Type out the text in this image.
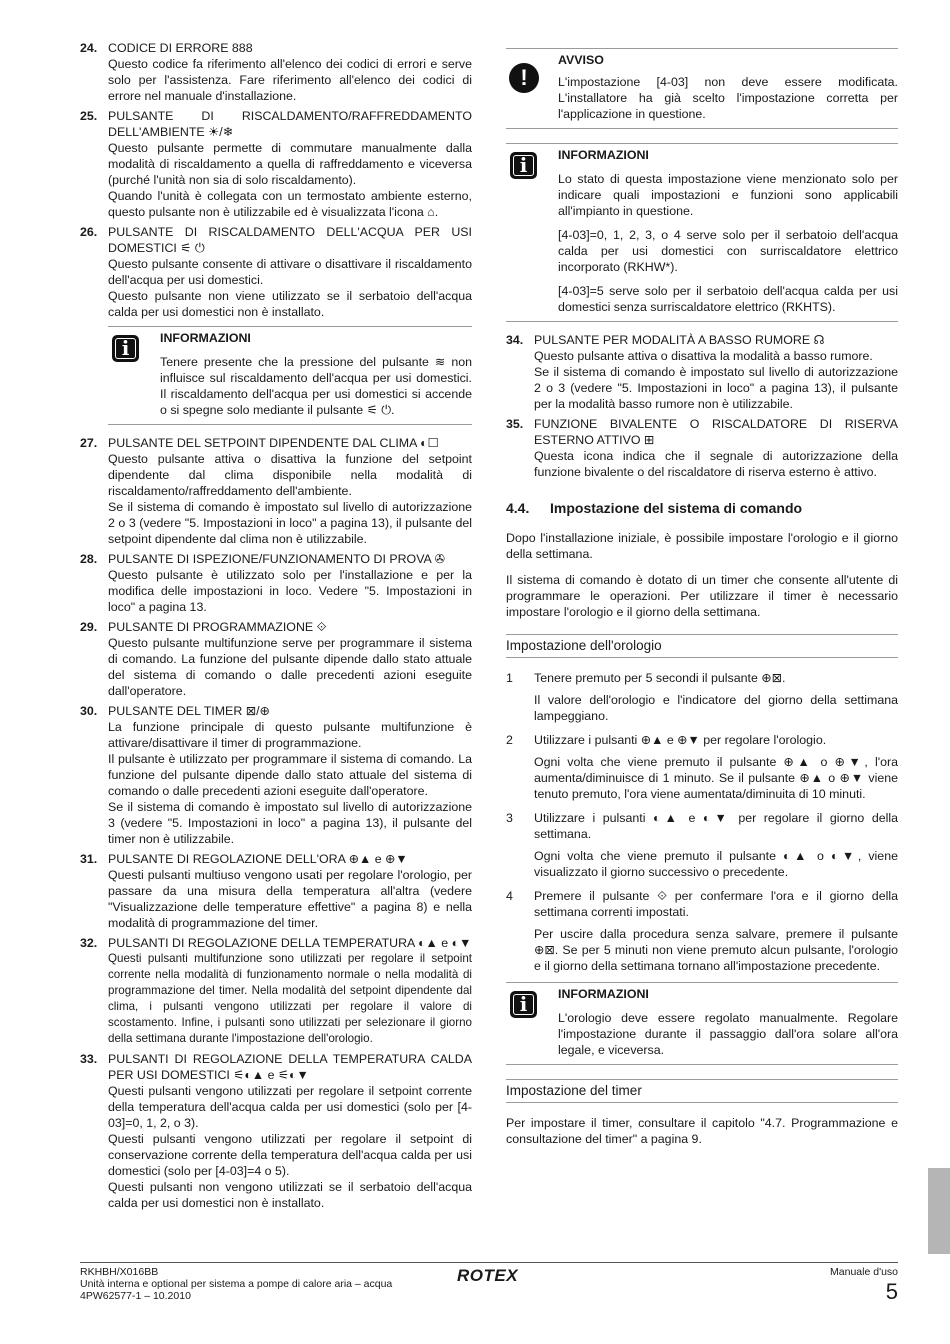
24. CODICE DI ERRORE 888
Questo codice fa riferimento all'elenco dei codici di errori e serve solo per l'assistenza. Fare riferimento all'elenco dei codici di errore nel manuale d'installazione.
25. PULSANTE DI RISCALDAMENTO/RAFFREDDAMENTO DELL'AMBIENTE ☀/❄
Questo pulsante permette di commutare manualmente dalla modalità di riscaldamento a quella di raffreddamento e viceversa (purché l'unità non sia di solo riscaldamento).
Quando l'unità è collegata con un termostato ambiente esterno, questo pulsante non è utilizzabile ed è visualizzata l'icona ⌂.
26. PULSANTE DI RISCALDAMENTO DELL'ACQUA PER USI DOMESTICI ⚟ ⏻
Questo pulsante consente di attivare o disattivare il riscaldamento dell'acqua per usi domestici.
Questo pulsante non viene utilizzato se il serbatoio dell'acqua calda per usi domestici non è installato.
i	INFORMAZIONI
Tenere presente che la pressione del pulsante ≋ non influisce sul riscaldamento dell'acqua per usi domestici. Il riscaldamento dell'acqua per usi domestici si accende o si spegne solo mediante il pulsante ⚟ ⏻.
27. PULSANTE DEL SETPOINT DIPENDENTE DAL CLIMA ◐☐
Questo pulsante attiva o disattiva la funzione del setpoint dipendente dal clima disponibile nella modalità di riscaldamento/raffreddamento dell'ambiente.
Se il sistema di comando è impostato sul livello di autorizzazione 2 o 3 (vedere "5. Impostazioni in loco" a pagina 13), il pulsante del setpoint dipendente dal clima non è utilizzabile.
28. PULSANTE DI ISPEZIONE/FUNZIONAMENTO DI PROVA ✇
Questo pulsante è utilizzato solo per l'installazione e per la modifica delle impostazioni in loco. Vedere "5. Impostazioni in loco" a pagina 13.
29. PULSANTE DI PROGRAMMAZIONE ⟐
Questo pulsante multifunzione serve per programmare il sistema di comando. La funzione del pulsante dipende dallo stato attuale del sistema di comando o dalle precedenti azioni eseguite dall'operatore.
30. PULSANTE DEL TIMER ⊠/⊕
La funzione principale di questo pulsante multifunzione è attivare/disattivare il timer di programmazione.
Il pulsante è utilizzato per programmare il sistema di comando. La funzione del pulsante dipende dallo stato attuale del sistema di comando o dalle precedenti azioni eseguite dall'operatore.
Se il sistema di comando è impostato sul livello di autorizzazione 3 (vedere "5. Impostazioni in loco" a pagina 13), il pulsante del timer non è utilizzabile.
31. PULSANTE DI REGOLAZIONE DELL'ORA ⊕▲ e ⊕▼
Questi pulsanti multiuso vengono usati per regolare l'orologio, per passare da una misura della temperatura all'altra (vedere "Visualizzazione delle temperature effettive" a pagina 8) e nella modalità di programmazione del timer.
32. PULSANTI DI REGOLAZIONE DELLA TEMPERATURA ◐▲ e ◐▼
Questi pulsanti multifunzione sono utilizzati per regolare il setpoint corrente nella modalità di funzionamento normale o nella modalità di programmazione del timer. Nella modalità del setpoint dipendente dal clima, i pulsanti vengono utilizzati per regolare il valore di scostamento. Infine, i pulsanti sono utilizzati per selezionare il giorno della settimana durante l'impostazione dell'orologio.
33. PULSANTI DI REGOLAZIONE DELLA TEMPERATURA CALDA PER USI DOMESTICI ⚟◐▲ e ⚟◐▼
Questi pulsanti vengono utilizzati per regolare il setpoint corrente della temperatura dell'acqua calda per usi domestici (solo per [4-03]=0, 1, 2, o 3).
Questi pulsanti vengono utilizzati per regolare il setpoint di conservazione corrente della temperatura dell'acqua calda per usi domestici (solo per [4-03]=4 o 5).
Questi pulsanti non vengono utilizzati se il serbatoio dell'acqua calda per usi domestici non è installato.
!
AVVISO
L'impostazione [4-03] non deve essere modificata. L'installatore ha già scelto l'impostazione corretta per l'applicazione in questione.
i	INFORMAZIONI
Lo stato di questa impostazione viene menzionato solo per indicare quali impostazioni e funzioni sono applicabili all'impianto in questione.
[4-03]=0, 1, 2, 3, o 4 serve solo per il serbatoio dell'acqua calda per usi domestici con surriscaldatore elettrico incorporato (RKHW*).
[4-03]=5 serve solo per il serbatoio dell'acqua calda per usi domestici senza surriscaldatore elettrico (RKHTS).
34. PULSANTE PER MODALITÀ A BASSO RUMORE ☊
Questo pulsante attiva o disattiva la modalità a basso rumore.
Se il sistema di comando è impostato sul livello di autorizzazione 2 o 3 (vedere "5. Impostazioni in loco" a pagina 13), il pulsante per la modalità basso rumore non è utilizzabile.
35. FUNZIONE BIVALENTE O RISCALDATORE DI RISERVA ESTERNO ATTIVO ⊞
Questa icona indica che il segnale di autorizzazione della funzione bivalente o del riscaldatore di riserva esterno è attivo.
4.4. Impostazione del sistema di comando
Dopo l'installazione iniziale, è possibile impostare l'orologio e il giorno della settimana.
Il sistema di comando è dotato di un timer che consente all'utente di programmare le operazioni. Per utilizzare il timer è necessario impostare l'orologio e il giorno della settimana.
Impostazione dell'orologio
1 Tenere premuto per 5 secondi il pulsante ⊕⊠.
Il valore dell'orologio e l'indicatore del giorno della settimana lampeggiano.
2 Utilizzare i pulsanti ⊕▲ e ⊕▼ per regolare l'orologio.
Ogni volta che viene premuto il pulsante ⊕▲ o ⊕▼, l'ora aumenta/diminuisce di 1 minuto. Se il pulsante ⊕▲ o ⊕▼ viene tenuto premuto, l'ora viene aumentata/diminuita di 10 minuti.
3 Utilizzare i pulsanti ◐▲ e ◐▼ per regolare il giorno della settimana.
Ogni volta che viene premuto il pulsante ◐▲ o ◐▼, viene visualizzato il giorno successivo o precedente.
4 Premere il pulsante ⟐ per confermare l'ora e il giorno della settimana correnti impostati.
Per uscire dalla procedura senza salvare, premere il pulsante ⊕⊠. Se per 5 minuti non viene premuto alcun pulsante, l'orologio e il giorno della settimana tornano all'impostazione precedente.
i	INFORMAZIONI
L'orologio deve essere regolato manualmente. Regolare l'impostazione durante il passaggio dall'ora solare all'ora legale, e viceversa.
Impostazione del timer
Per impostare il timer, consultare il capitolo "4.7. Programmazione e consultazione del timer" a pagina 9.
RKHBH/X016BB
Unità interna e optional per sistema a pompe di calore aria – acqua
4PW62577-1 – 10.2010
ROTEX	Manuale d'uso
5
